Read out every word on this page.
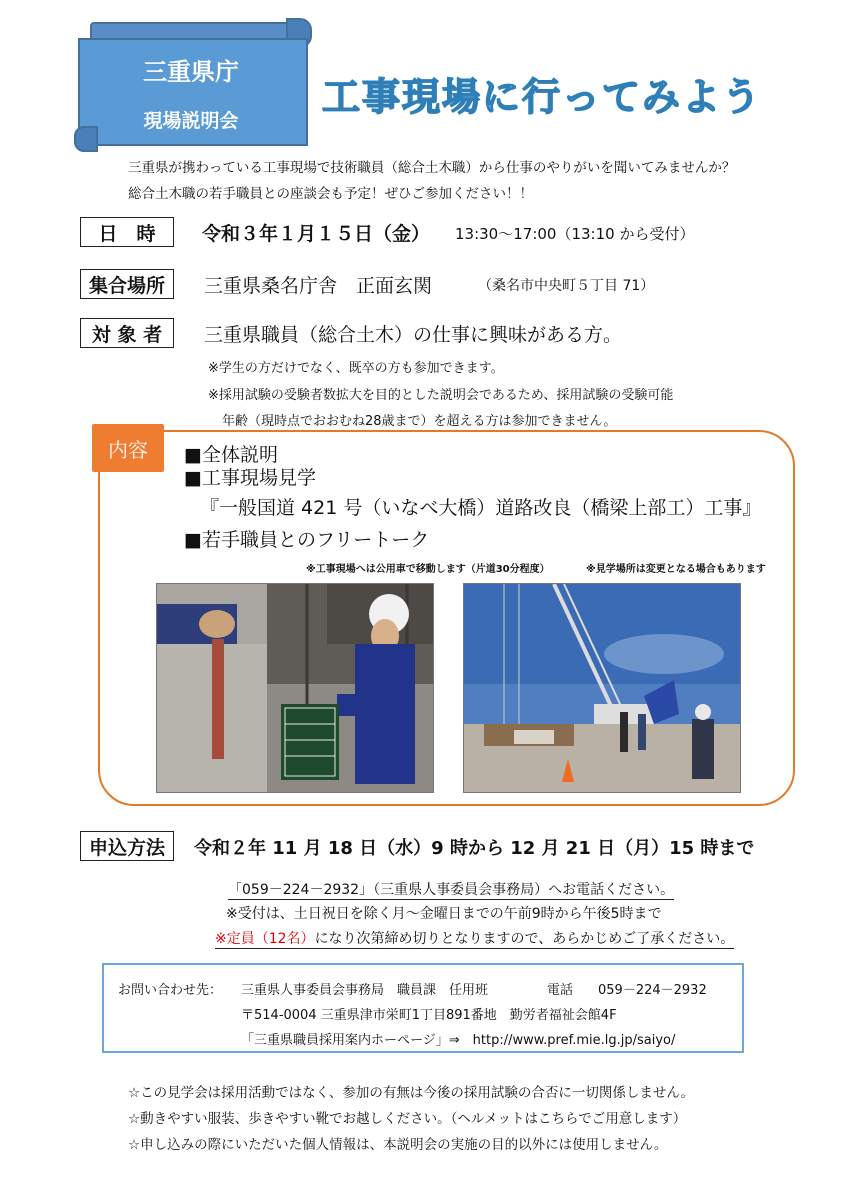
三重県庁
現場説明会
工事現場に行ってみよう
三重県が携わっている工事現場で技術職員（総合土木職）から仕事のやりがいを聞いてみませんか？
総合土木職の若手職員との座談会も予定！ぜひご参加ください！！
日　時	令和３年１月１５日（金） 13:30～17:00（13:10 から受付）
集合場所	三重県桑名庁舎　正面玄関	（桑名市中央町５丁目 71）
対 象 者	三重県職員（総合土木）の仕事に興味がある方。
※学生の方だけでなく、既卒の方も参加できます。
※採用試験の受験者数拡大を目的とした説明会であるため、採用試験の受験可能
年齢（現時点でおおむね28歳まで）を超える方は参加できません。
内容	■全体説明
■工事現場見学
『一般国道 421 号（いなべ大橋）道路改良（橋梁上部工）工事』
■若手職員とのフリートーク
※工事現場へは公用車で移動します（片道30分程度）	※見学場所は変更となる場合もあります
申込方法	令和２年 11 月 18 日（水）9 時から 12 月 21 日（月）15 時まで
「059－224－2932」（三重県人事委員会事務局）へお電話ください。
※受付は、土日祝日を除く月～金曜日までの午前9時から午後5時まで
※定員（12名）になり次第締め切りとなりますので、あらかじめご了承ください。
お問い合わせ先： 三重県人事委員会事務局　職員課　任用班	電話 059－224－2932
〒514-0004 三重県津市栄町1丁目891番地　勤労者福祉会館4F
「三重県職員採用案内ホーページ」⇒　http://www.pref.mie.lg.jp/saiyo/
☆この見学会は採用活動ではなく、参加の有無は今後の採用試験の合否に一切関係しません。
☆動きやすい服装、歩きやすい靴でお越しください。（ヘルメットはこちらでご用意します）
☆申し込みの際にいただいた個人情報は、本説明会の実施の目的以外には使用しません。
